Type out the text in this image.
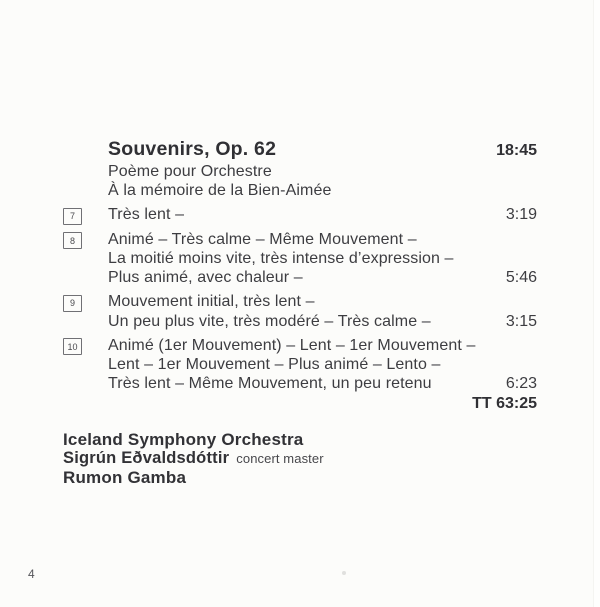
Souvenirs, Op. 62	18:45
Poème pour Orchestre
À la mémoire de la Bien-Aimée
7	Très lent –	3:19
8	Animé – Très calme – Même Mouvement –
La moitié moins vite, très intense d’expression –
Plus animé, avec chaleur –	5:46
9	Mouvement initial, très lent –
Un peu plus vite, très modéré – Très calme –	3:15
10	Animé (1er Mouvement) – Lent – 1er Mouvement –
Lent – 1er Mouvement – Plus animé – Lento –
Très lent – Même Mouvement, un peu retenu	6:23
TT 63:25
Iceland Symphony Orchestra
Sigrún Eðvaldsdóttir concert master
Rumon Gamba
4
